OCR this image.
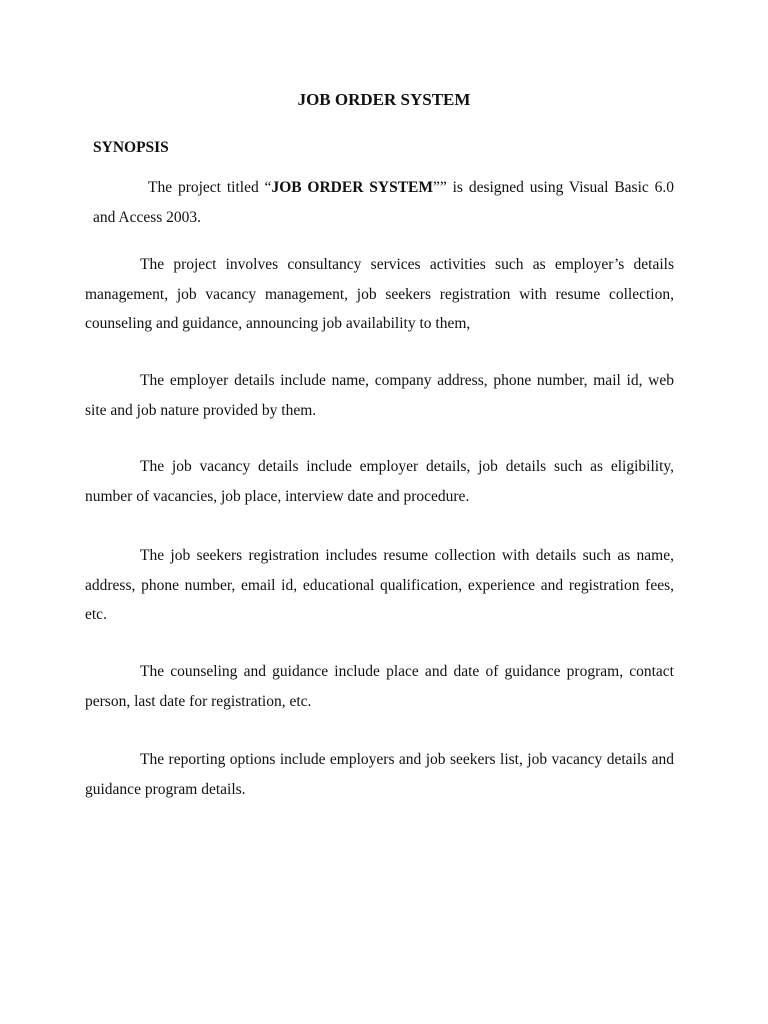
JOB ORDER SYSTEM
SYNOPSIS

The project titled “JOB ORDER SYSTEM”” is designed using Visual Basic 6.0 and Access 2003.

The project involves consultancy services activities such as employer’s details management, job vacancy management, job seekers registration with resume collection, counseling and guidance, announcing job availability to them,

The employer details include name, company address, phone number, mail id, web site and job nature provided by them.

The job vacancy details include employer details, job details such as eligibility, number of vacancies, job place, interview date and procedure.

The job seekers registration includes resume collection with details such as name, address, phone number, email id, educational qualification, experience and registration fees, etc.

The counseling and guidance include place and date of guidance program, contact person, last date for registration, etc.

The reporting options include employers and job seekers list, job vacancy details and guidance program details.
